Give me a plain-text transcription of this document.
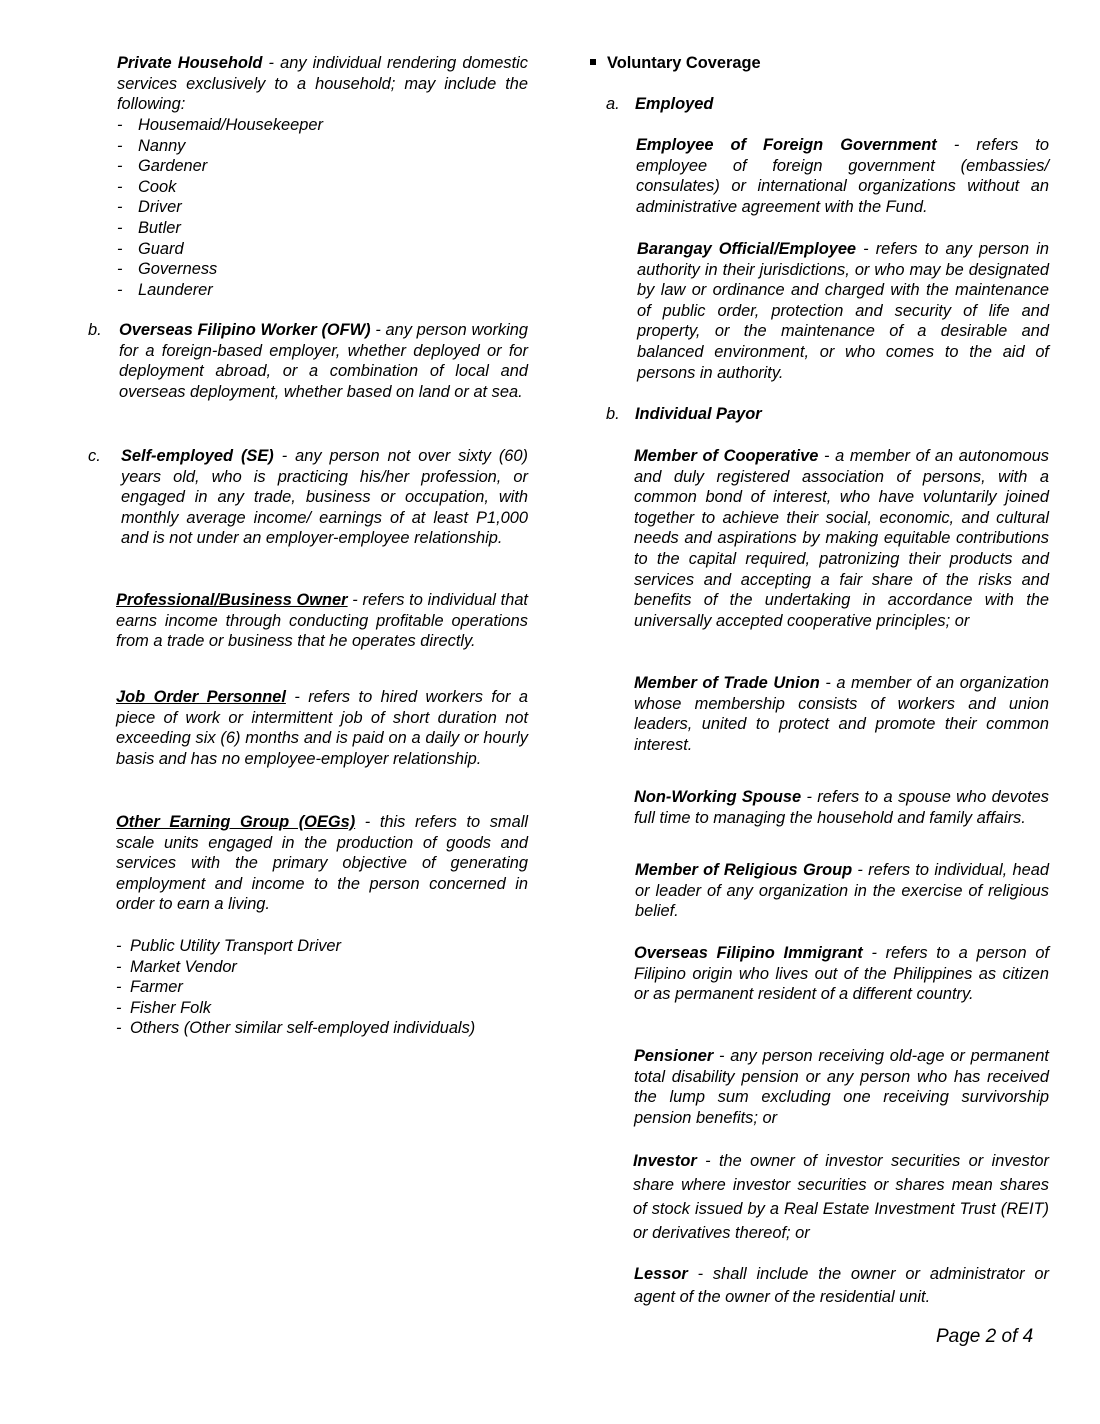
Private Household - any individual rendering domestic services exclusively to a household; may include the following:
- Housemaid/Housekeeper
- Nanny
- Gardener
- Cook
- Driver
- Butler
- Guard
- Governess
- Launderer
b.	Overseas Filipino Worker (OFW) - any person working for a foreign-based employer, whether deployed or for deployment abroad, or a combination of local and overseas deployment, whether based on land or at sea.
c.	Self-employed (SE) - any person not over sixty (60) years old, who is practicing his/her profession, or engaged in any trade, business or occupation, with monthly average income/ earnings of at least P1,000 and is not under an employer-employee relationship.
Professional/Business Owner - refers to individual that earns income through conducting profitable operations from a trade or business that he operates directly.
Job Order Personnel - refers to hired workers for a piece of work or intermittent job of short duration not exceeding six (6) months and is paid on a daily or hourly basis and has no employee-employer relationship.
Other Earning Group (OEGs) - this refers to small scale units engaged in the production of goods and services with the primary objective of generating employment and income to the person concerned in order to earn a living.
- Public Utility Transport Driver
- Market Vendor
- Farmer
- Fisher Folk
- Others (Other similar self-employed individuals)
Voluntary Coverage
a. Employed
Employee of Foreign Government - refers to employee of foreign government (embassies/ consulates) or international organizations without an administrative agreement with the Fund.
Barangay Official/Employee - refers to any person in authority in their jurisdictions, or who may be designated by law or ordinance and charged with the maintenance of public order, protection and security of life and property, or the maintenance of a desirable and balanced environment, or who comes to the aid of persons in authority.
b. Individual Payor
Member of Cooperative - a member of an autonomous and duly registered association of persons, with a common bond of interest, who have voluntarily joined together to achieve their social, economic, and cultural needs and aspirations by making equitable contributions to the capital required, patronizing their products and services and accepting a fair share of the risks and benefits of the undertaking in accordance with the universally accepted cooperative principles; or
Member of Trade Union - a member of an organization whose membership consists of workers and union leaders, united to protect and promote their common interest.
Non-Working Spouse - refers to a spouse who devotes full time to managing the household and family affairs.
Member of Religious Group - refers to individual, head or leader of any organization in the exercise of religious belief.
Overseas Filipino Immigrant - refers to a person of Filipino origin who lives out of the Philippines as citizen or as permanent resident of a different country.
Pensioner - any person receiving old-age or permanent total disability pension or any person who has received the lump sum excluding one receiving survivorship pension benefits; or
Investor - the owner of investor securities or investor share where investor securities or shares mean shares of stock issued by a Real Estate Investment Trust (REIT) or derivatives thereof; or
Lessor - shall include the owner or administrator or agent of the owner of the residential unit.
Page 2 of 4
